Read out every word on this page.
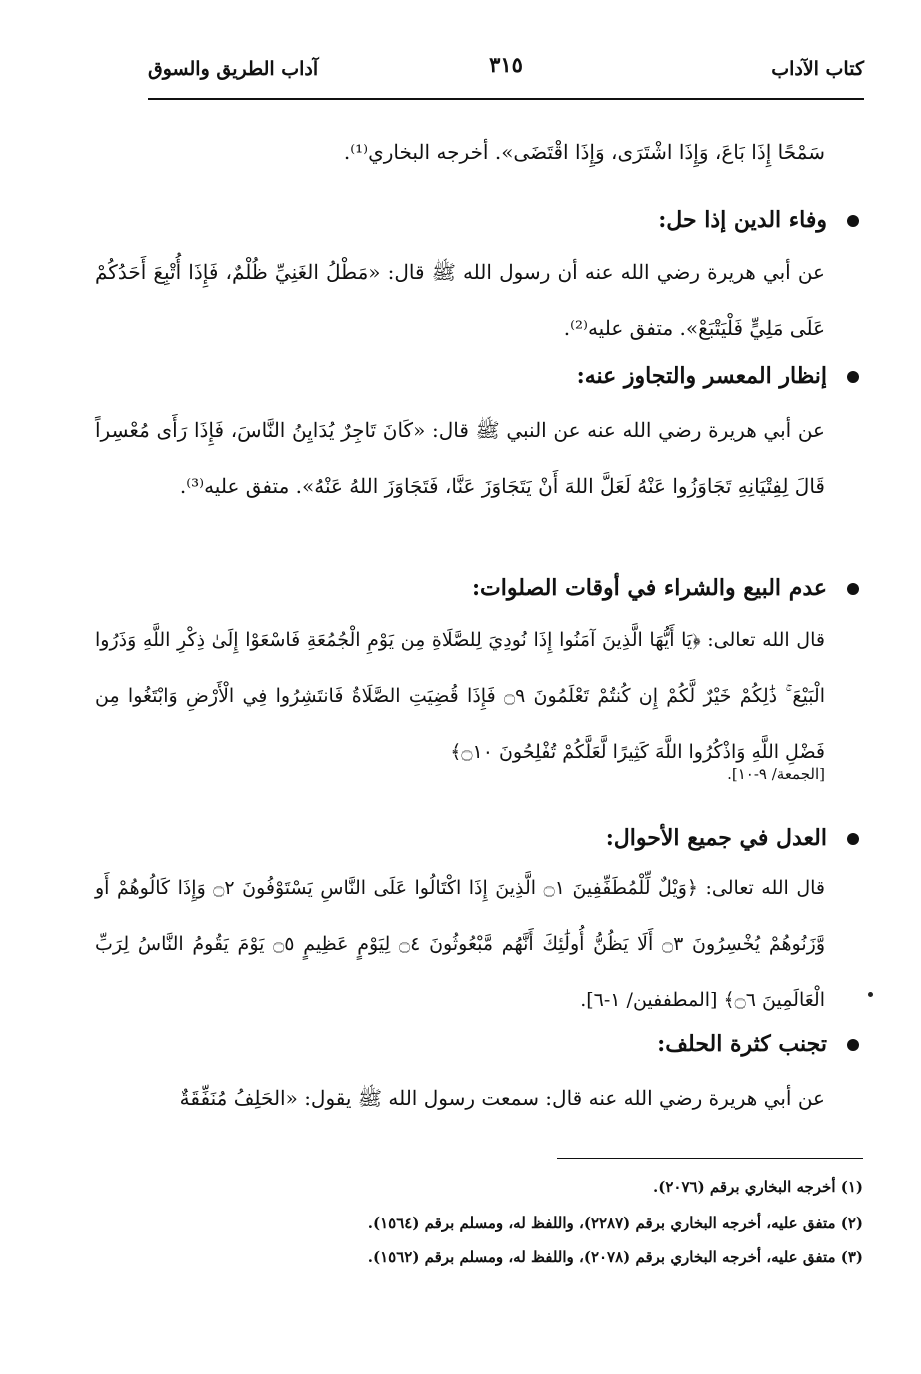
كتاب الآداب
٣١٥
آداب الطريق والسوق
سَمْحًا إِذَا بَاعَ، وَإِذَا اشْتَرَى، وَإِذَا اقْتَضَى». أخرجه البخاري⁽¹⁾.
وفاء الدين إذا حل:
عن أبي هريرة رضي الله عنه أن رسول الله ﷺ قال: «مَطْلُ الغَنِيِّ ظُلْمٌ، فَإِذَا أُتْبِعَ أَحَدُكُمْ عَلَى مَلِيٍّ فَلْيَتْبَعْ». متفق عليه⁽²⁾.
إنظار المعسر والتجاوز عنه:
عن أبي هريرة رضي الله عنه عن النبي ﷺ قال: «كَانَ تَاجِرٌ يُدَايِنُ النَّاسَ، فَإِذَا رَأَى مُعْسِراً قَالَ لِفِتْيَانِهِ تَجَاوَزُوا عَنْهُ لَعَلَّ اللهَ أَنْ يَتَجَاوَزَ عَنَّا، فَتَجَاوَزَ اللهُ عَنْهُ». متفق عليه⁽³⁾.
عدم البيع والشراء في أوقات الصلوات:
قال الله تعالى: ﴿يَا أَيُّهَا الَّذِينَ آمَنُوا إِذَا نُودِيَ لِلصَّلَاةِ مِن يَوْمِ الْجُمُعَةِ فَاسْعَوْا إِلَىٰ ذِكْرِ اللَّهِ وَذَرُوا الْبَيْعَ ۚ ذَٰلِكُمْ خَيْرٌ لَّكُمْ إِن كُنتُمْ تَعْلَمُونَ ۝٩ فَإِذَا قُضِيَتِ الصَّلَاةُ فَانتَشِرُوا فِي الْأَرْضِ وَابْتَغُوا مِن فَضْلِ اللَّهِ وَاذْكُرُوا اللَّهَ كَثِيرًا لَّعَلَّكُمْ تُفْلِحُونَ ۝١٠﴾
[الجمعة/ ٩-١٠].
العدل في جميع الأحوال:
قال الله تعالى: ﴿وَيْلٌ لِّلْمُطَفِّفِينَ ۝١ الَّذِينَ إِذَا اكْتَالُوا عَلَى النَّاسِ يَسْتَوْفُونَ ۝٢ وَإِذَا كَالُوهُمْ أَو وَّزَنُوهُمْ يُخْسِرُونَ ۝٣ أَلَا يَظُنُّ أُولَٰئِكَ أَنَّهُم مَّبْعُوثُونَ ۝٤ لِيَوْمٍ عَظِيمٍ ۝٥ يَوْمَ يَقُومُ النَّاسُ لِرَبِّ الْعَالَمِينَ ۝٦﴾ [المطففين/ ١-٦].
تجنب كثرة الحلف:
عن أبي هريرة رضي الله عنه قال: سمعت رسول الله ﷺ يقول: «الحَلِفُ مُنَفِّقَةٌ
(١) أخرجه البخاري برقم (٢٠٧٦).
(٢) متفق عليه، أخرجه البخاري برقم (٢٢٨٧)، واللفظ له، ومسلم برقم (١٥٦٤).
(٣) متفق عليه، أخرجه البخاري برقم (٢٠٧٨)، واللفظ له، ومسلم برقم (١٥٦٢).
